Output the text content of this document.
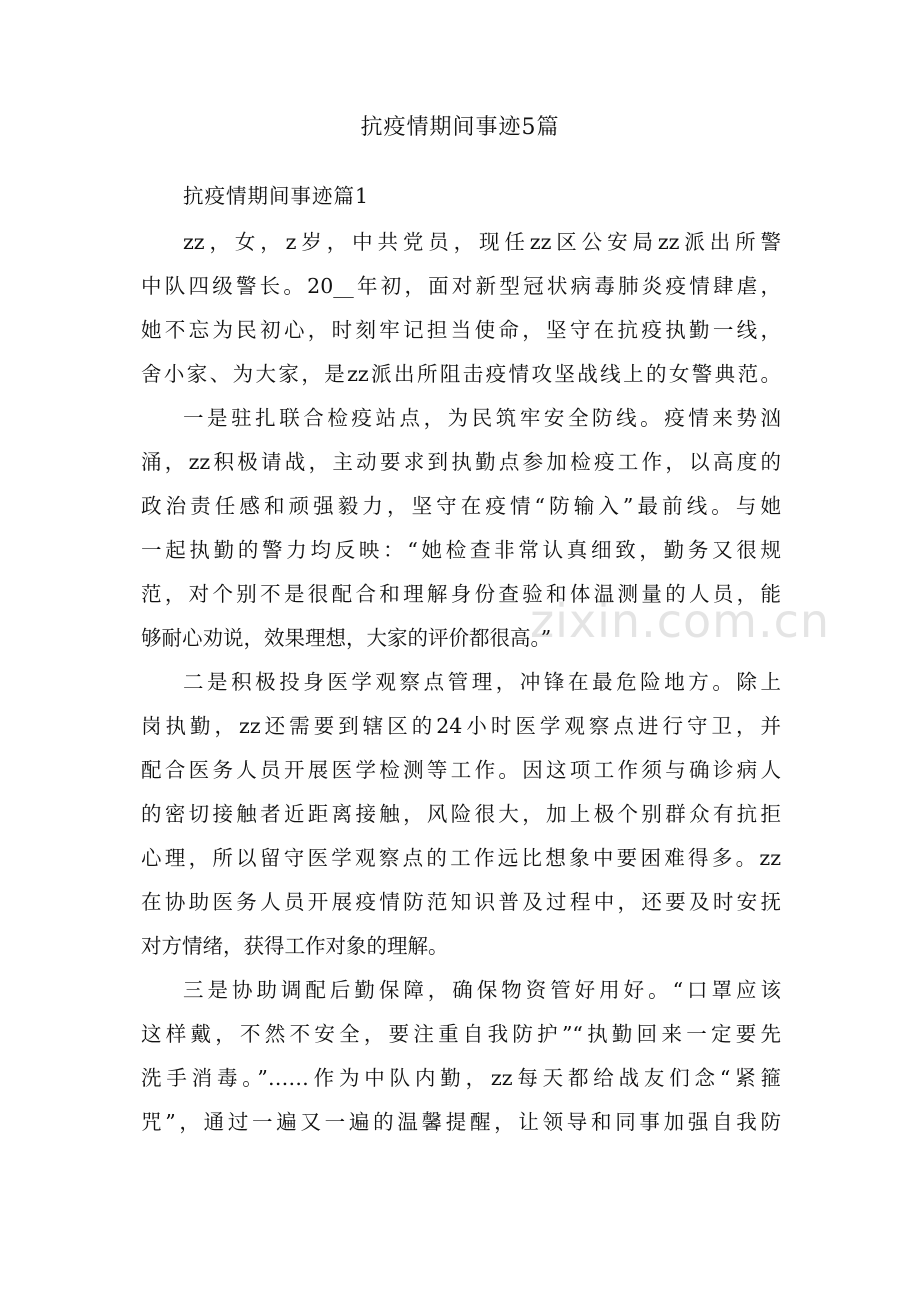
zixin.com.cn
抗疫情期间事迹5篇
抗疫情期间事迹篇1
zz，女，z岁，中共党员，现任zz区公安局zz派出所警
中队四级警长。20__年初，面对新型冠状病毒肺炎疫情肆虐，
她不忘为民初心，时刻牢记担当使命，坚守在抗疫执勤一线，
舍小家、为大家，是zz派出所阻击疫情攻坚战线上的女警典范。
一是驻扎联合检疫站点，为民筑牢安全防线。疫情来势汹
涌，zz积极请战，主动要求到执勤点参加检疫工作，以高度的
政治责任感和顽强毅力，坚守在疫情“防输入”最前线。与她
一起执勤的警力均反映：“她检查非常认真细致，勤务又很规
范，对个别不是很配合和理解身份查验和体温测量的人员，能
够耐心劝说，效果理想，大家的评价都很高。”
二是积极投身医学观察点管理，冲锋在最危险地方。除上
岗执勤，zz还需要到辖区的24小时医学观察点进行守卫，并
配合医务人员开展医学检测等工作。因这项工作须与确诊病人
的密切接触者近距离接触，风险很大，加上极个别群众有抗拒
心理，所以留守医学观察点的工作远比想象中要困难得多。zz
在协助医务人员开展疫情防范知识普及过程中，还要及时安抚
对方情绪，获得工作对象的理解。
三是协助调配后勤保障，确保物资管好用好。“口罩应该
这样戴，不然不安全，要注重自我防护”“执勤回来一定要先
洗手消毒。”……作为中队内勤，zz每天都给战友们念“紧箍
咒”，通过一遍又一遍的温馨提醒，让领导和同事加强自我防
